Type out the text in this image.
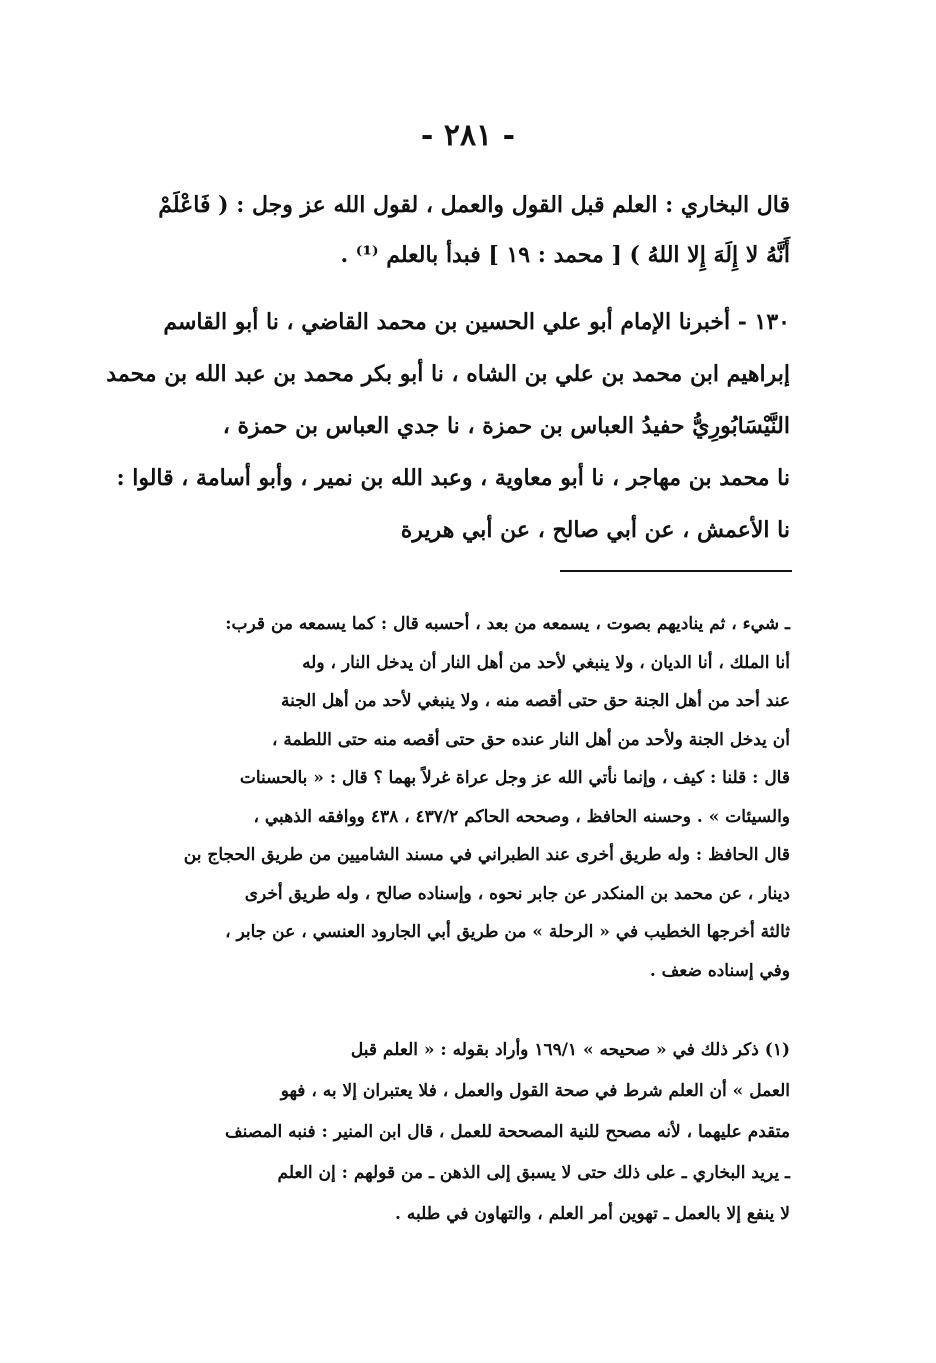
- ٢٨١ -
قال البخاري : العلم قبل القول والعمل ، لقول الله عز وجل : ( فَاعْلَمْ
أَنَّهُ لا إِلَهَ إِلا اللهُ ) [ محمد : ١٩ ] فبدأ بالعلم ⁽¹⁾ .
١٣٠ - أخبرنا الإمام أبو علي الحسين بن محمد القاضي ، نا أبو القاسم
إبراهيم ابن محمد بن علي بن الشاه ، نا أبو بكر محمد بن عبد الله بن محمد
النَّيْسَابُورِيُّ حفيدُ العباس بن حمزة ، نا جدي العباس بن حمزة ،
نا محمد بن مهاجر ، نا أبو معاوية ، وعبد الله بن نمير ، وأبو أسامة ، قالوا :
نا الأعمش ، عن أبي صالح ، عن أبي هريرة
ـ شيء ، ثم يناديهم بصوت ، يسمعه من بعد ، أحسبه قال : كما يسمعه من قرب:
أنا الملك ، أنا الديان ، ولا ينبغي لأحد من أهل النار أن يدخل النار ، وله
عند أحد من أهل الجنة حق حتى أقصه منه ، ولا ينبغي لأحد من أهل الجنة
أن يدخل الجنة ولأحد من أهل النار عنده حق حتى أقصه منه حتى اللطمة ،
قال : قلنا : كيف ، وإنما نأتي الله عز وجل عراة غرلاً بهما ؟ قال : « بالحسنات
والسيئات » . وحسنه الحافظ ، وصححه الحاكم ٤٣٧/٢ ، ٤٣٨ ووافقه الذهبي ،
قال الحافظ : وله طريق أخرى عند الطبراني في مسند الشاميين من طريق الحجاج بن
دينار ، عن محمد بن المنكدر عن جابر نحوه ، وإسناده صالح ، وله طريق أخرى
ثالثة أخرجها الخطيب في « الرحلة » من طريق أبي الجارود العنسي ، عن جابر ،
وفي إسناده ضعف .
(١) ذكر ذلك في « صحيحه » ١٦٩/١ وأراد بقوله : « العلم قبل
العمل » أن العلم شرط في صحة القول والعمل ، فلا يعتبران إلا به ، فهو
متقدم عليهما ، لأنه مصحح للنية المصححة للعمل ، قال ابن المنير : فنبه المصنف
ـ يريد البخاري ـ على ذلك حتى لا يسبق إلى الذهن ـ من قولهم : إن العلم
لا ينفع إلا بالعمل ـ تهوين أمر العلم ، والتهاون في طلبه .
